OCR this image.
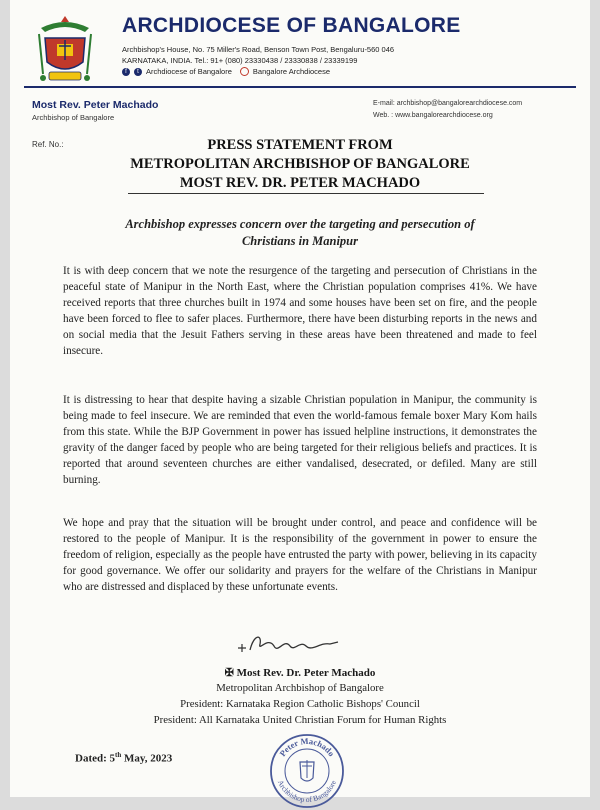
ARCHDIOCESE OF BANGALORE
Archbishop's House, No. 75 Miller's Road, Benson Town Post, Bengaluru-560 046
KARNATAKA, INDIA. Tel.: 91+ (080) 23330438 / 23330838 / 23339199
f	t Archdiocese of Bangalore	Bangalore Archdiocese
Most Rev. Peter Machado
Archbishop of Bangalore
E-mail: archbishop@bangalorearchdiocese.com
Web. : www.bangalorearchdiocese.org
Ref. No.:	PRESS STATEMENT FROM
METROPOLITAN ARCHBISHOP OF BANGALORE
MOST REV. DR. PETER MACHADO
Archbishop expresses concern over the targeting and persecution of
Christians in Manipur

It is with deep concern that we note the resurgence of the targeting and persecution of Christians in the peaceful state of Manipur in the North East, where the Christian population comprises 41%. We have received reports that three churches built in 1974 and some houses have been set on fire, and the people have been forced to flee to safer places. Furthermore, there have been disturbing reports in the news and on social media that the Jesuit Fathers serving in these areas have been threatened and made to feel insecure.

It is distressing to hear that despite having a sizable Christian population in Manipur, the community is being made to feel insecure. We are reminded that even the world-famous female boxer Mary Kom hails from this state. While the BJP Government in power has issued helpline instructions, it demonstrates the gravity of the danger faced by people who are being targeted for their religious beliefs and practices. It is reported that around seventeen churches are either vandalised, desecrated, or defiled. Many are still burning.

We hope and pray that the situation will be brought under control, and peace and confidence will be restored to the people of Manipur. It is the responsibility of the government in power to ensure the freedom of religion, especially as the people have entrusted the party with power, believing in its capacity for good governance. We offer our solidarity and prayers for the welfare of the Christians in Manipur who are distressed and displaced by these unfortunate events.

✠ Most Rev. Dr. Peter Machado
Metropolitan Archbishop of Bangalore
President: Karnataka Region Catholic Bishops' Council
President: All Karnataka United Christian Forum for Human Rights
Dated: 5th May, 2023	Peter Machado
Archbishop of Bangalore
